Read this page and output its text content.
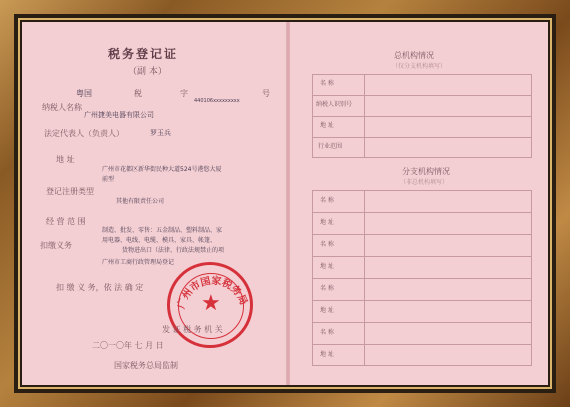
税务登记证
（副 本）
粤国	税	字
440106xxxxxxxxx
号
纳税人名称
广州捷美电器有限公司
法定代表人（负责人）	罗玉兵
地 址
广州市花都区新华街民种大道524号港悠大厦
前型
登记注册类型
其他有限责任公司
经 营 范 围
制造、批发、零售：五金制品、塑料制品、家
用电器、电线、电缆、模具、家具、帐篷、
货物进出口（法律、行政法规禁止的项
扣缴义务
广州市工商行政管理局登记
扣 缴 义 务，依 法 确 定
★
广州市国家税务局
发 证 税 务 机 关
二〇一〇年 七 月 日
国家税务总局监制
总机构情况
（仅分支机构填写）
名 称
纳税人识别号
地 址
行业范围
分支机构情况
（非总机构填写）
名 称
地 址
名 称
地 址
名 称
地 址
名 称
地 址
